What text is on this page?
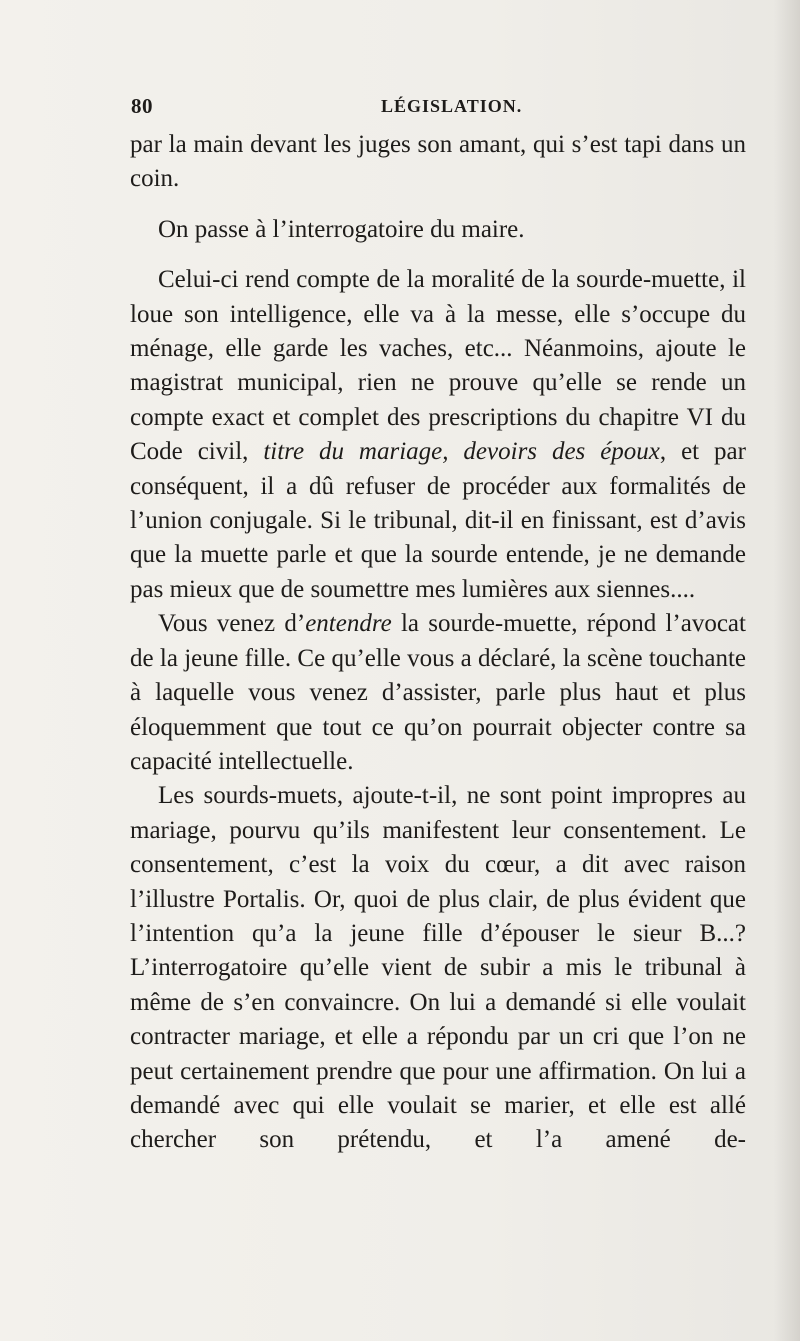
80	LÉGISLATION.

par la main devant les juges son amant, qui s’est tapi dans un coin.

On passe à l’interrogatoire du maire.

Celui-ci rend compte de la moralité de la sourde-muette, il loue son intelligence, elle va à la messe, elle s’occupe du ménage, elle garde les vaches, etc... Néanmoins, ajoute le magistrat municipal, rien ne prouve qu’elle se rende un compte exact et complet des prescriptions du chapitre VI du Code civil, titre du mariage, devoirs des époux, et par conséquent, il a dû refuser de procéder aux formalités de l’union conjugale. Si le tribunal, dit-il en finissant, est d’avis que la muette parle et que la sourde entende, je ne demande pas mieux que de soumettre mes lumières aux siennes....

Vous venez d’entendre la sourde-muette, répond l’avocat de la jeune fille. Ce qu’elle vous a déclaré, la scène touchante à laquelle vous venez d’assister, parle plus haut et plus éloquemment que tout ce qu’on pourrait objecter contre sa capacité intellectuelle.

Les sourds-muets, ajoute-t-il, ne sont point impropres au mariage, pourvu qu’ils manifestent leur consentement. Le consentement, c’est la voix du cœur, a dit avec raison l’illustre Portalis. Or, quoi de plus clair, de plus évident que l’intention qu’a la jeune fille d’épouser le sieur B...? L’interrogatoire qu’elle vient de subir a mis le tribunal à même de s’en convaincre. On lui a demandé si elle voulait contracter mariage, et elle a répondu par un cri que l’on ne peut certainement prendre que pour une affirmation. On lui a demandé avec qui elle voulait se marier, et elle est allé chercher son prétendu, et l’a amené de-
